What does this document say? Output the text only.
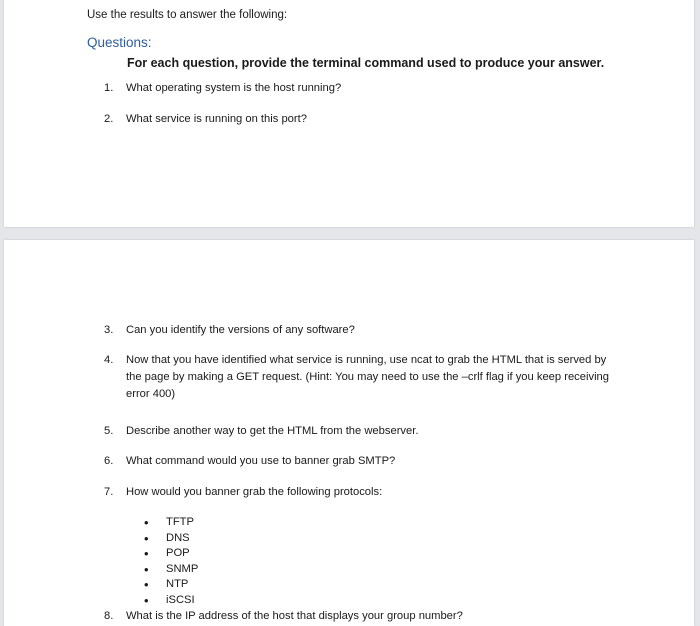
Use the results to answer the following:
Questions:
For each question, provide the terminal command used to produce your answer.
1.	What operating system is the host running?
2.	What service is running on this port?
3.	Can you identify the versions of any software?
4.	Now that you have identified what service is running, use ncat to grab the HTML that is served by the page by making a GET request. (Hint: You may need to use the –crlf flag if you keep receiving error 400)
5.	Describe another way to get the HTML from the webserver.
6.	What command would you use to banner grab SMTP?
7.	How would you banner grab the following protocols:
• TFTP
• DNS
• POP
• SNMP
• NTP
• iSCSI
8.	What is the IP address of the host that displays your group number?
